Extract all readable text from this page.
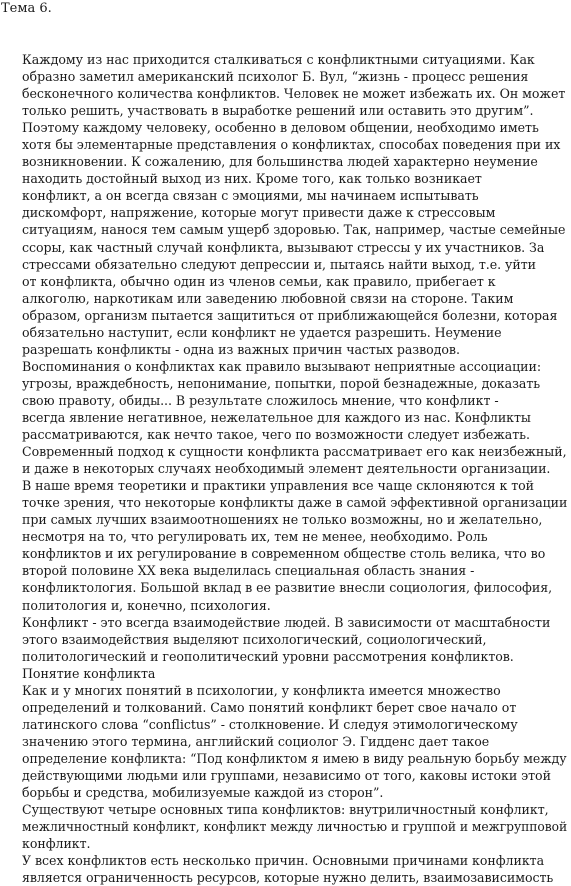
Тема 6.
Каждому из нас приходится сталкиваться с конфликтными ситуациями. Как
образно заметил американский психолог Б. Вул, “жизнь - процесс решения
бесконечного количества конфликтов. Человек не может избежать их. Он может
только решить, участвовать в выработке решений или оставить это другим”.
Поэтому каждому человеку, особенно в деловом общении, необходимо иметь
хотя бы элементарные представления о конфликтах, способах поведения при их
возникновении. К сожалению, для большинства людей характерно неумение
находить достойный выход из них. Кроме того, как только возникает
конфликт, а он всегда связан с эмоциями, мы начинаем испытывать
дискомфорт, напряжение, которые могут привести даже к стрессовым
ситуациям, нанося тем самым ущерб здоровью. Так, например, частые семейные
ссоры, как частный случай конфликта, вызывают стрессы у их участников. За
стрессами обязательно следуют депрессии и, пытаясь найти выход, т.е. уйти
от конфликта, обычно один из членов семьи, как правило, прибегает к
алкоголю, наркотикам или заведению любовной связи на стороне. Таким
образом, организм пытается защититься от приближающейся болезни, которая
обязательно наступит, если конфликт не удается разрешить. Неумение
разрешать конфликты - одна из важных причин частых разводов.
Воспоминания о конфликтах как правило вызывают неприятные ассоциации:
угрозы, враждебность, непонимание, попытки, порой безнадежные, доказать
свою правоту, обиды... В результате сложилось мнение, что конфликт -
всегда явление негативное, нежелательное для каждого из нас. Конфликты
рассматриваются, как нечто такое, чего по возможности следует избежать.
Современный подход к сущности конфликта рассматривает его как неизбежный,
и даже в некоторых случаях необходимый элемент деятельности организации.
В наше время теоретики и практики управления все чаще склоняются к той
точке зрения, что некоторые конфликты даже в самой эффективной организации
при самых лучших взаимоотношениях не только возможны, но и желательно,
несмотря на то, что регулировать их, тем не менее, необходимо. Роль
конфликтов и их регулирование в современном обществе столь велика, что во
второй половине XX века выделилась специальная область знания -
конфликтология. Большой вклад в ее развитие внесли социология, философия,
политология и, конечно, психология.
Конфликт - это всегда взаимодействие людей. В зависимости от масштабности
этого взаимодействия выделяют психологический, социологический,
политологический и геополитический уровни рассмотрения конфликтов.
Понятие конфликта
Как и у многих понятий в психологии, у конфликта имеется множество
определений и толкований. Само понятий конфликт берет свое начало от
латинского слова “conflictus” - столкновение. И следуя этимологическому
значению этого термина, английский социолог Э. Гидденс дает такое
определение конфликта: “Под конфликтом я имею в виду реальную борьбу между
действующими людьми или группами, независимо от того, каковы истоки этой
борьбы и средства, мобилизуемые каждой из сторон”.
Существуют четыре основных типа конфликтов: внутриличностный конфликт,
межличностный конфликт, конфликт между личностью и группой и межгрупповой
конфликт.
У всех конфликтов есть несколько причин. Основными причинами конфликта
является ограниченность ресурсов, которые нужно делить, взаимозависимость
